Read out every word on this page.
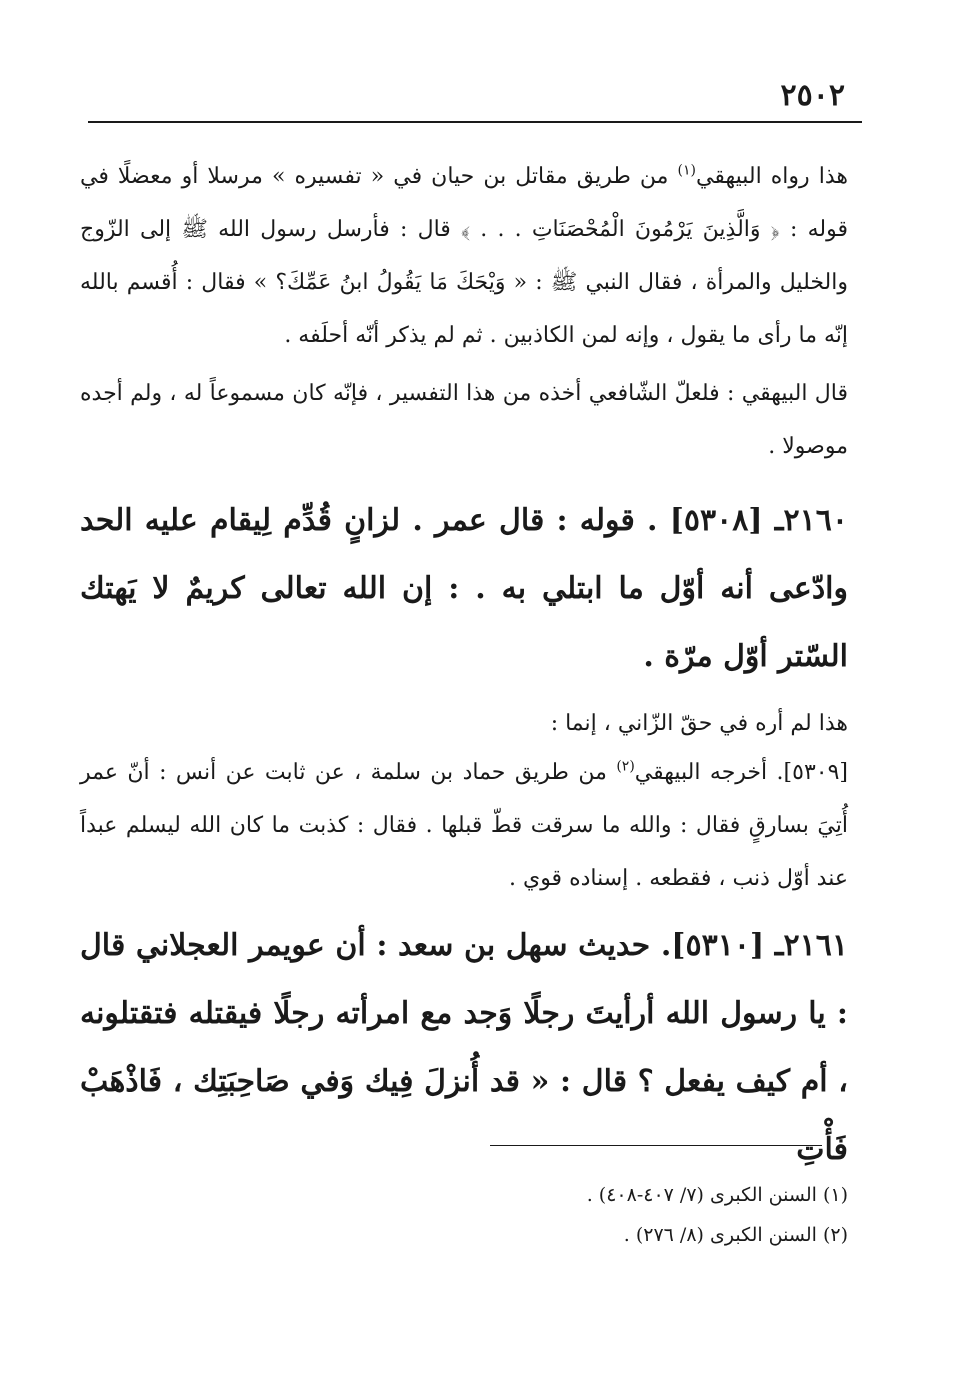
٢٥٠٢

هذا رواه البيهقي$^{(١)}$ من طريق مقاتل بن حيان في « تفسيره » مرسلا أو معضلًا في قوله : ﴿ وَالَّذِينَ يَرْمُونَ الْمُحْصَنَاتِ . . . ﴾ قال : فأرسل رسول الله ﷺ إلى الزّوج والخليل والمرأة ، فقال النبي ﷺ : « وَيْحَكَ مَا يَقُولُ ابنُ عَمِّكَ؟ » فقال : أُقسم بالله إنّه ما رأى ما يقول ، وإنه لمن الكاذبين . ثم لم يذكر أنّه أحلَفه .

قال البيهقي : فلعلّ الشّافعي أخذه من هذا التفسير ، فإنّه كان مسموعاً له ، ولم أجده موصولا .

٢١٦٠ـ [٥٣٠٨] . قوله : قال عمر . لزانٍ قُدِّم لِيقام عليه الحد وادّعى أنه أوّل ما ابتلي به . : إن الله تعالى كريمٌ لا يَهتك السّتر أوّل مرّة .

هذا لم أره في حقّ الزّاني ، إنما :

[٥٣٠٩]. أخرجه البيهقي$^{(٢)}$ من طريق حماد بن سلمة ، عن ثابت عن أنس : أنّ عمر أُتِيَ بسارقٍ فقال : والله ما سرقت قطّ قبلها . فقال : كذبت ما كان الله ليسلم عبداً عند أوّل ذنب ، فقطعه . إسناده قوي .

٢١٦١ـ [٥٣١٠]. حديث سهل بن سعد : أن عويمر العجلاني قال : يا رسول الله أرأيتَ رجلًا وَجد مع امرأته رجلًا فيقتله فتقتلونه ، أم كيف يفعل ؟ قال : « قد أُنزلَ فِيك وَفي صَاحِبَتِك ، فَاذْهَبْ فَأْتِ

(١) السنن الكبرى (٧/ ٤٠٧-٤٠٨) .

(٢) السنن الكبرى (٨/ ٢٧٦) .
